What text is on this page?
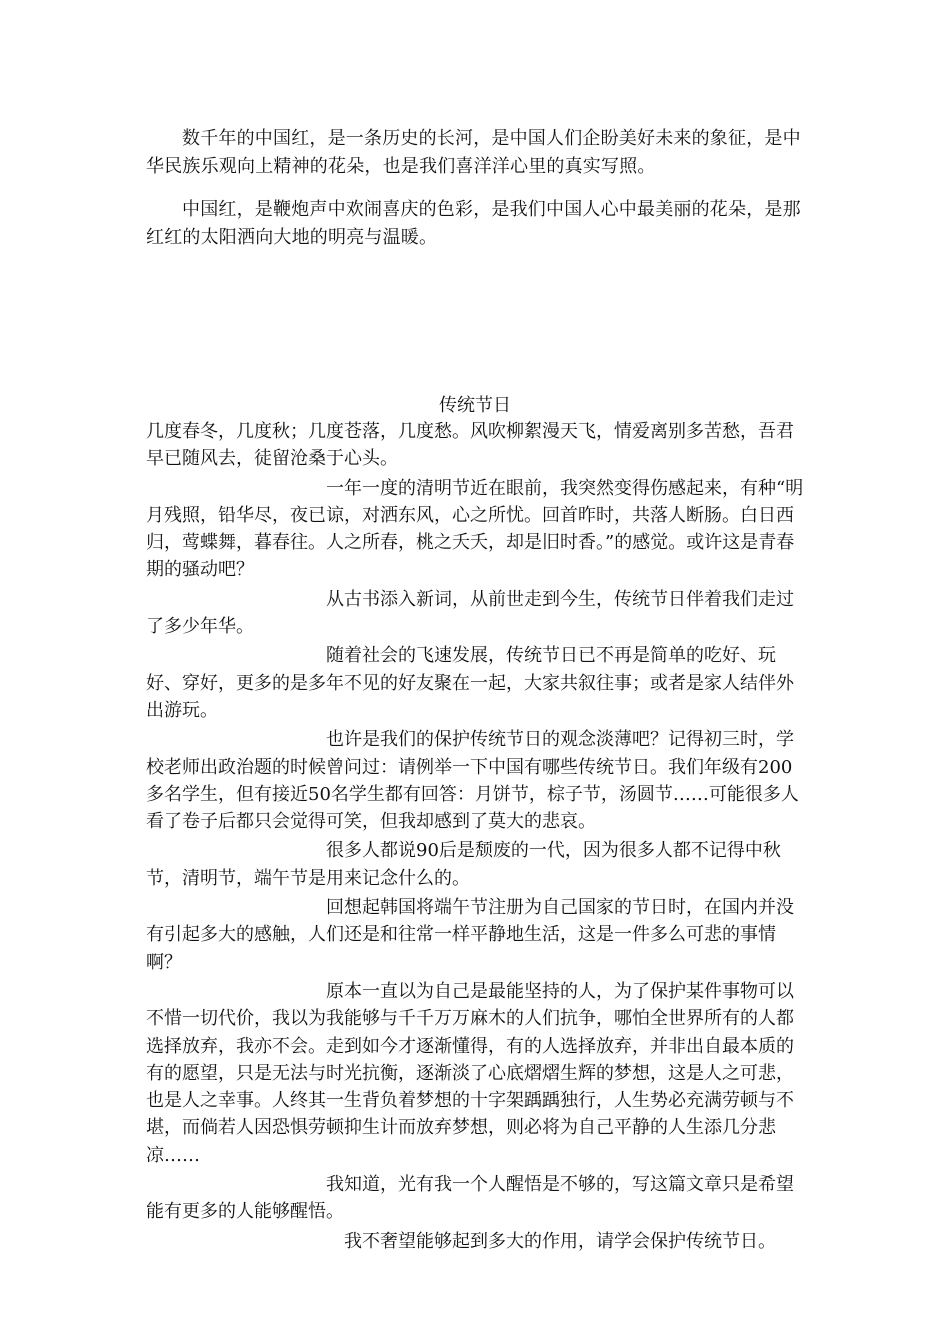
数千年的中国红，是一条历史的长河，是中国人们企盼美好未来的象征，是中华民族乐观向上精神的花朵，也是我们喜洋洋心里的真实写照。

中国红，是鞭炮声中欢闹喜庆的色彩，是我们中国人心中最美丽的花朵，是那红红的太阳洒向大地的明亮与温暖。

传统节日

几度春冬，几度秋；几度苍落，几度愁。风吹柳絮漫天飞，情爱离别多苦愁，吾君早已随风去，徒留沧桑于心头。

一年一度的清明节近在眼前，我突然变得伤感起来，有种“明月残照，铅华尽，夜已谅，对洒东风，心之所忧。回首昨时，共落人断肠。白日西归，莺蝶舞，暮春往。人之所春，桃之夭夭，却是旧时香。”的感觉。或许这是青春期的骚动吧？

从古书添入新词，从前世走到今生，传统节日伴着我们走过了多少年华。

随着社会的飞速发展，传统节日已不再是简单的吃好、玩好、穿好，更多的是多年不见的好友聚在一起，大家共叙往事；或者是家人结伴外出游玩。

也许是我们的保护传统节日的观念淡薄吧？记得初三时，学校老师出政治题的时候曾问过：请例举一下中国有哪些传统节日。我们年级有200多名学生，但有接近50名学生都有回答：月饼节，棕子节，汤圆节……可能很多人看了卷子后都只会觉得可笑，但我却感到了莫大的悲哀。

很多人都说90后是颓废的一代，因为很多人都不记得中秋节，清明节，端午节是用来记念什么的。

回想起韩国将端午节注册为自己国家的节日时，在国内并没有引起多大的感触，人们还是和往常一样平静地生活，这是一件多么可悲的事情啊？

原本一直以为自己是最能坚持的人，为了保护某件事物可以不惜一切代价，我以为我能够与千千万万麻木的人们抗争，哪怕全世界所有的人都选择放弃，我亦不会。走到如今才逐渐懂得，有的人选择放弃，并非出自最本质的有的愿望，只是无法与时光抗衡，逐渐淡了心底熠熠生辉的梦想，这是人之可悲，也是人之幸事。人终其一生背负着梦想的十字架踽踽独行，人生势必充满劳顿与不堪，而倘若人因恐惧劳顿抑生计而放弃梦想，则必将为自己平静的人生添几分悲凉……

我知道，光有我一个人醒悟是不够的，写这篇文章只是希望能有更多的人能够醒悟。

我不奢望能够起到多大的作用，请学会保护传统节日。
